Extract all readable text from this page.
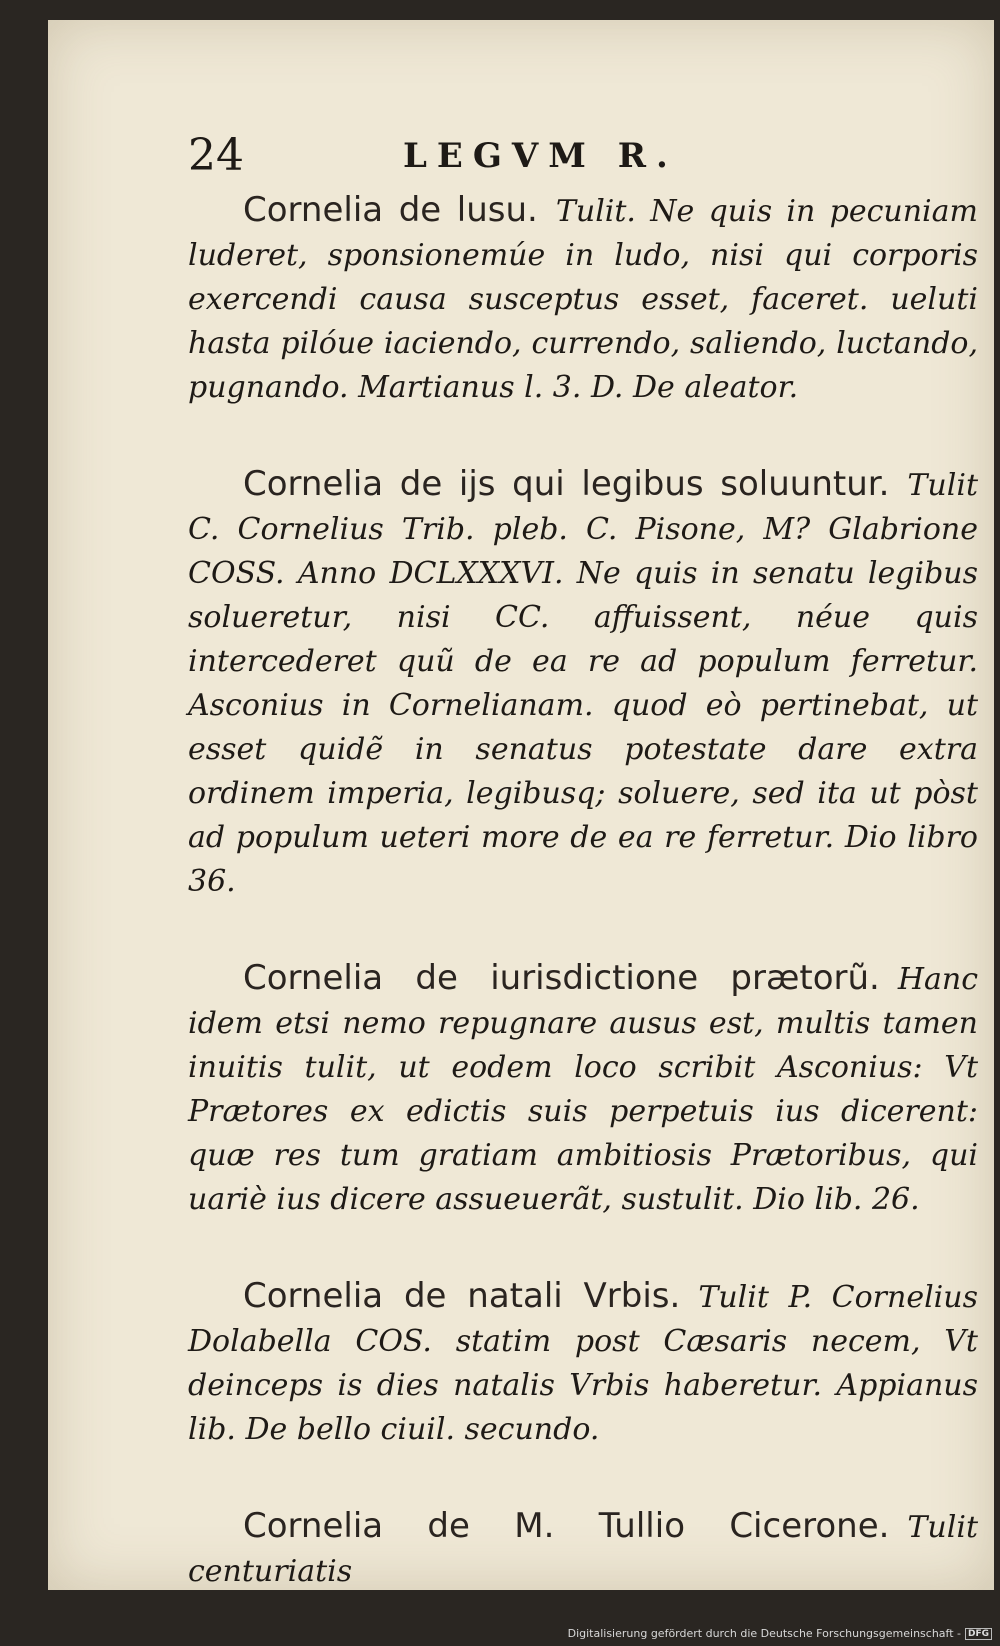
24	LEGVM R.

Cornelia de lusu. Tulit. Ne quis in pecuniam luderet, sponsionemúe in ludo, nisi qui corporis exercendi causa susceptus esset, faceret. ueluti hasta pilóue iaciendo, currendo, saliendo, luctando, pugnando. Martianus l. 3. D. De aleator.

Cornelia de ijs qui legibus soluuntur. Tulit C. Cornelius Trib. pleb. C. Pisone, M? Glabrione COSS. Anno DCLXXXVI. Ne quis in senatu legibus solueretur, nisi CC. affuissent, néue quis intercederet quũ de ea re ad populum ferretur. Asconius in Cornelianam. quod eò pertinebat, ut esset quidẽ in senatus potestate dare extra ordinem imperia, legibusq; soluere, sed ita ut pòst ad populum ueteri more de ea re ferretur. Dio libro 36.

Cornelia de iurisdictione prætorũ. Hanc idem etsi nemo repugnare ausus est, multis tamen inuitis tulit, ut eodem loco scribit Asconius: Vt Prætores ex edictis suis perpetuis ius dicerent: quæ res tum gratiam ambitiosis Prætoribus, qui uariè ius dicere assueuerãt, sustulit. Dio lib. 26.

Cornelia de natali Vrbis. Tulit P. Cornelius Dolabella COS. statim post Cæsaris necem, Vt deinceps is dies natalis Vrbis haberetur. Appianus lib. De bello ciuil. secundo.

Cornelia de M. Tullio Cicerone. Tulit centuriatis

Digitalisierung gefördert durch die Deutsche Forschungsgemeinschaft - DFG
